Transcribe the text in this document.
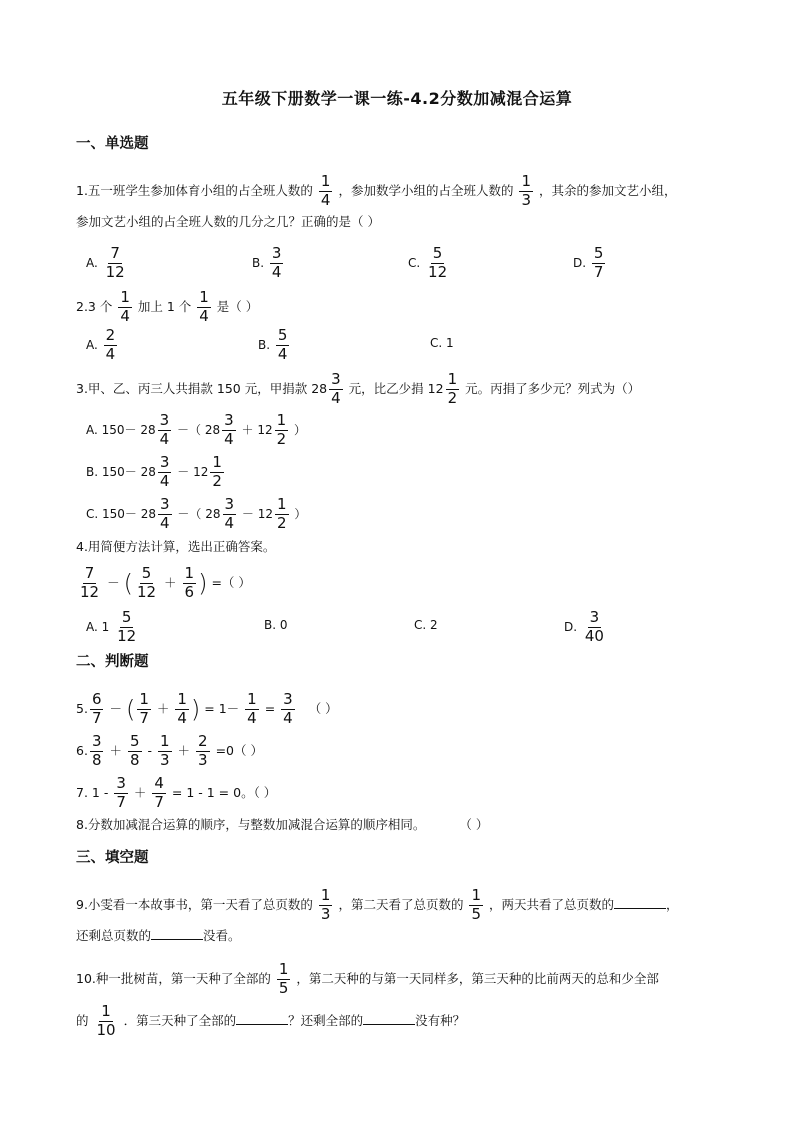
五年级下册数学一课一练-4.2分数加减混合运算
一、单选题
1.五一班学生参加体育小组的占全班人数的 $\frac{1}{4}$ ，参加数学小组的占全班人数的 $\frac{1}{3}$ ，其余的参加文艺小组，
参加文艺小组的占全班人数的几分之几？正确的是（ ）
A. $\frac{7}{12}$	B. $\frac{3}{4}$	C. $\frac{5}{12}$	D. $\frac{5}{7}$
2.3 个 $\frac{1}{4}$ 加上 1 个 $\frac{1}{4}$ 是（ ）
A. $\frac{2}{4}$	B. $\frac{5}{4}$	C. 1
3.甲、乙、丙三人共捐款 150 元，甲捐款 $28 \frac{3}{4}$ 元，比乙少捐 $12 \frac{1}{2}$ 元。丙捐了多少元？列式为（）
A. $150- 28 \frac{3}{4}$ －（ $28 \frac{3}{4} + 12 \frac{1}{2}$ ）
B. $150- 28 \frac{3}{4} - 12 \frac{1}{2}$
C. $150- 28 \frac{3}{4}$ －（ $28 \frac{3}{4} - 12 \frac{1}{2}$ ）
4.用简便方法计算，选出正确答案。
$\frac{7}{12}$ － ( $\frac{5}{12} + \frac{1}{6}$ ) =（ ）
A. $1 \frac{5}{12}$	B. 0	C. 2	D. $\frac{3}{40}$
二、判断题
5. $\frac{6}{7}$ － ( $\frac{1}{7} + \frac{1}{4}$ ) = $1- \frac{1}{4} = \frac{3}{4}$ （ ）
6. $\frac{3}{8} + \frac{5}{8} - \frac{1}{3} + \frac{2}{3} =0$（ ）
7. $1 - \frac{3}{7} + \frac{4}{7} = 1 - 1 = 0$。（ ）
8.分数加减混合运算的顺序，与整数加减混合运算的顺序相同。	（ ）
三、填空题
9.小雯看一本故事书，第一天看了总页数的 $\frac{1}{3}$ ，第二天看了总页数的 $\frac{1}{5}$ ，两天共看了总页数的	，
还剩总页数的	没看。
10.种一批树苗，第一天种了全部的 $\frac{1}{5}$ ，第二天种的与第一天同样多，第三天种的比前两天的总和少全部
的 $\frac{1}{10}$ ．第三天种了全部的	？还剩全部的	没有种？
